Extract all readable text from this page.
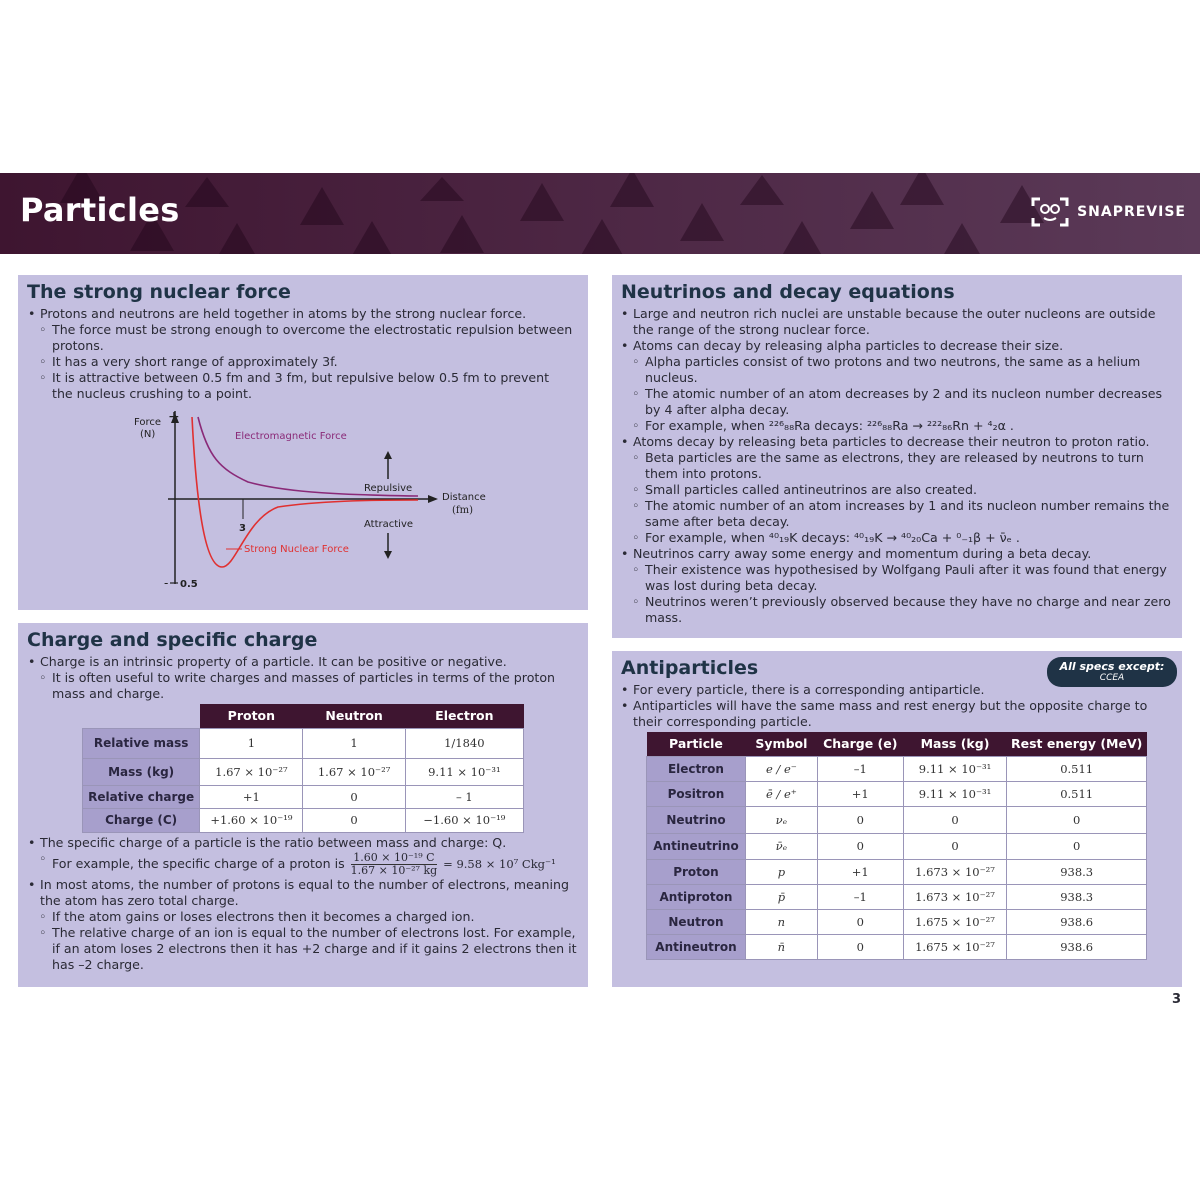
Particles	SNAPREVISE
The strong nuclear force
• Protons and neutrons are held together in atoms by the strong nuclear force.
◦ The force must be strong enough to overcome the electrostatic repulsion between protons.
◦ It has a very short range of approximately 3f.
◦ It is attractive between 0.5 fm and 3 fm, but repulsive below 0.5 fm to prevent the nucleus crushing to a point.
+
Force
(N)
Distance
(fm)
3
- 0.5
Electromagnetic Force
Strong Nuclear Force
Repulsive
Attractive
Charge and specific charge
• Charge is an intrinsic property of a particle. It can be positive or negative.
◦ It is often useful to write charges and masses of particles in terms of the proton mass and charge.
	Proton	Neutron	Electron
Relative mass	1	1	1/1840
Mass (kg)	1.67 × 10⁻²⁷	1.67 × 10⁻²⁷	9.11 × 10⁻³¹
Relative charge	+1	0	– 1
Charge (C)	+1.60 × 10⁻¹⁹	0	−1.60 × 10⁻¹⁹
• The specific charge of a particle is the ratio between mass and charge: Q.
◦ For example, the specific charge of a proton is $\frac{\text{1.60 × 10⁻¹⁹ C}}{\text{1.67 × 10⁻²⁷ kg}} = 9.58 \times 10^7$ Ckg⁻¹
• In most atoms, the number of protons is equal to the number of electrons, meaning the atom has zero total charge.
◦ If the atom gains or loses electrons then it becomes a charged ion.
◦ The relative charge of an ion is equal to the number of electrons lost. For example, if an atom loses 2 electrons then it has +2 charge and if it gains 2 electrons then it has –2 charge.
Neutrinos and decay equations
• Large and neutron rich nuclei are unstable because the outer nucleons are outside the range of the strong nuclear force.
• Atoms can decay by releasing alpha particles to decrease their size.
◦ Alpha particles consist of two protons and two neutrons, the same as a helium nucleus.
◦ The atomic number of an atom decreases by 2 and its nucleon number decreases by 4 after alpha decay.
◦ For example, when ²²⁶₈₈Ra decays: ²²⁶₈₈Ra → ²²²₈₆Rn + ⁴₂α .
• Atoms decay by releasing beta particles to decrease their neutron to proton ratio.
◦ Beta particles are the same as electrons, they are released by neutrons to turn them into protons.
◦ Small particles called antineutrinos are also created.
◦ The atomic number of an atom increases by 1 and its nucleon number remains the same after beta decay.
◦ For example, when ⁴⁰₁₉K decays: ⁴⁰₁₉K → ⁴⁰₂₀Ca + ⁰₋₁β + ν̄ₑ .
• Neutrinos carry away some energy and momentum during a beta decay.
◦ Their existence was hypothesised by Wolfgang Pauli after it was found that energy was lost during beta decay.
◦ Neutrinos weren’t previously observed because they have no charge and near zero mass.
Antiparticles	All specs except:
CCEA
• For every particle, there is a corresponding antiparticle.
• Antiparticles will have the same mass and rest energy but the opposite charge to their corresponding particle.
Particle	Symbol	Charge (e)	Mass (kg)	Rest energy (MeV)
Electron	e / e⁻	–1	9.11 × 10⁻³¹	0.511
Positron	ē / e⁺	+1	9.11 × 10⁻³¹	0.511
Neutrino	νₑ	0	0	0
Antineutrino	ν̄ₑ	0	0	0
Proton	p	+1	1.673 × 10⁻²⁷	938.3
Antiproton	p̄	–1	1.673 × 10⁻²⁷	938.3
Neutron	n	0	1.675 × 10⁻²⁷	938.6
Antineutron	n̄	0	1.675 × 10⁻²⁷	938.6
3
